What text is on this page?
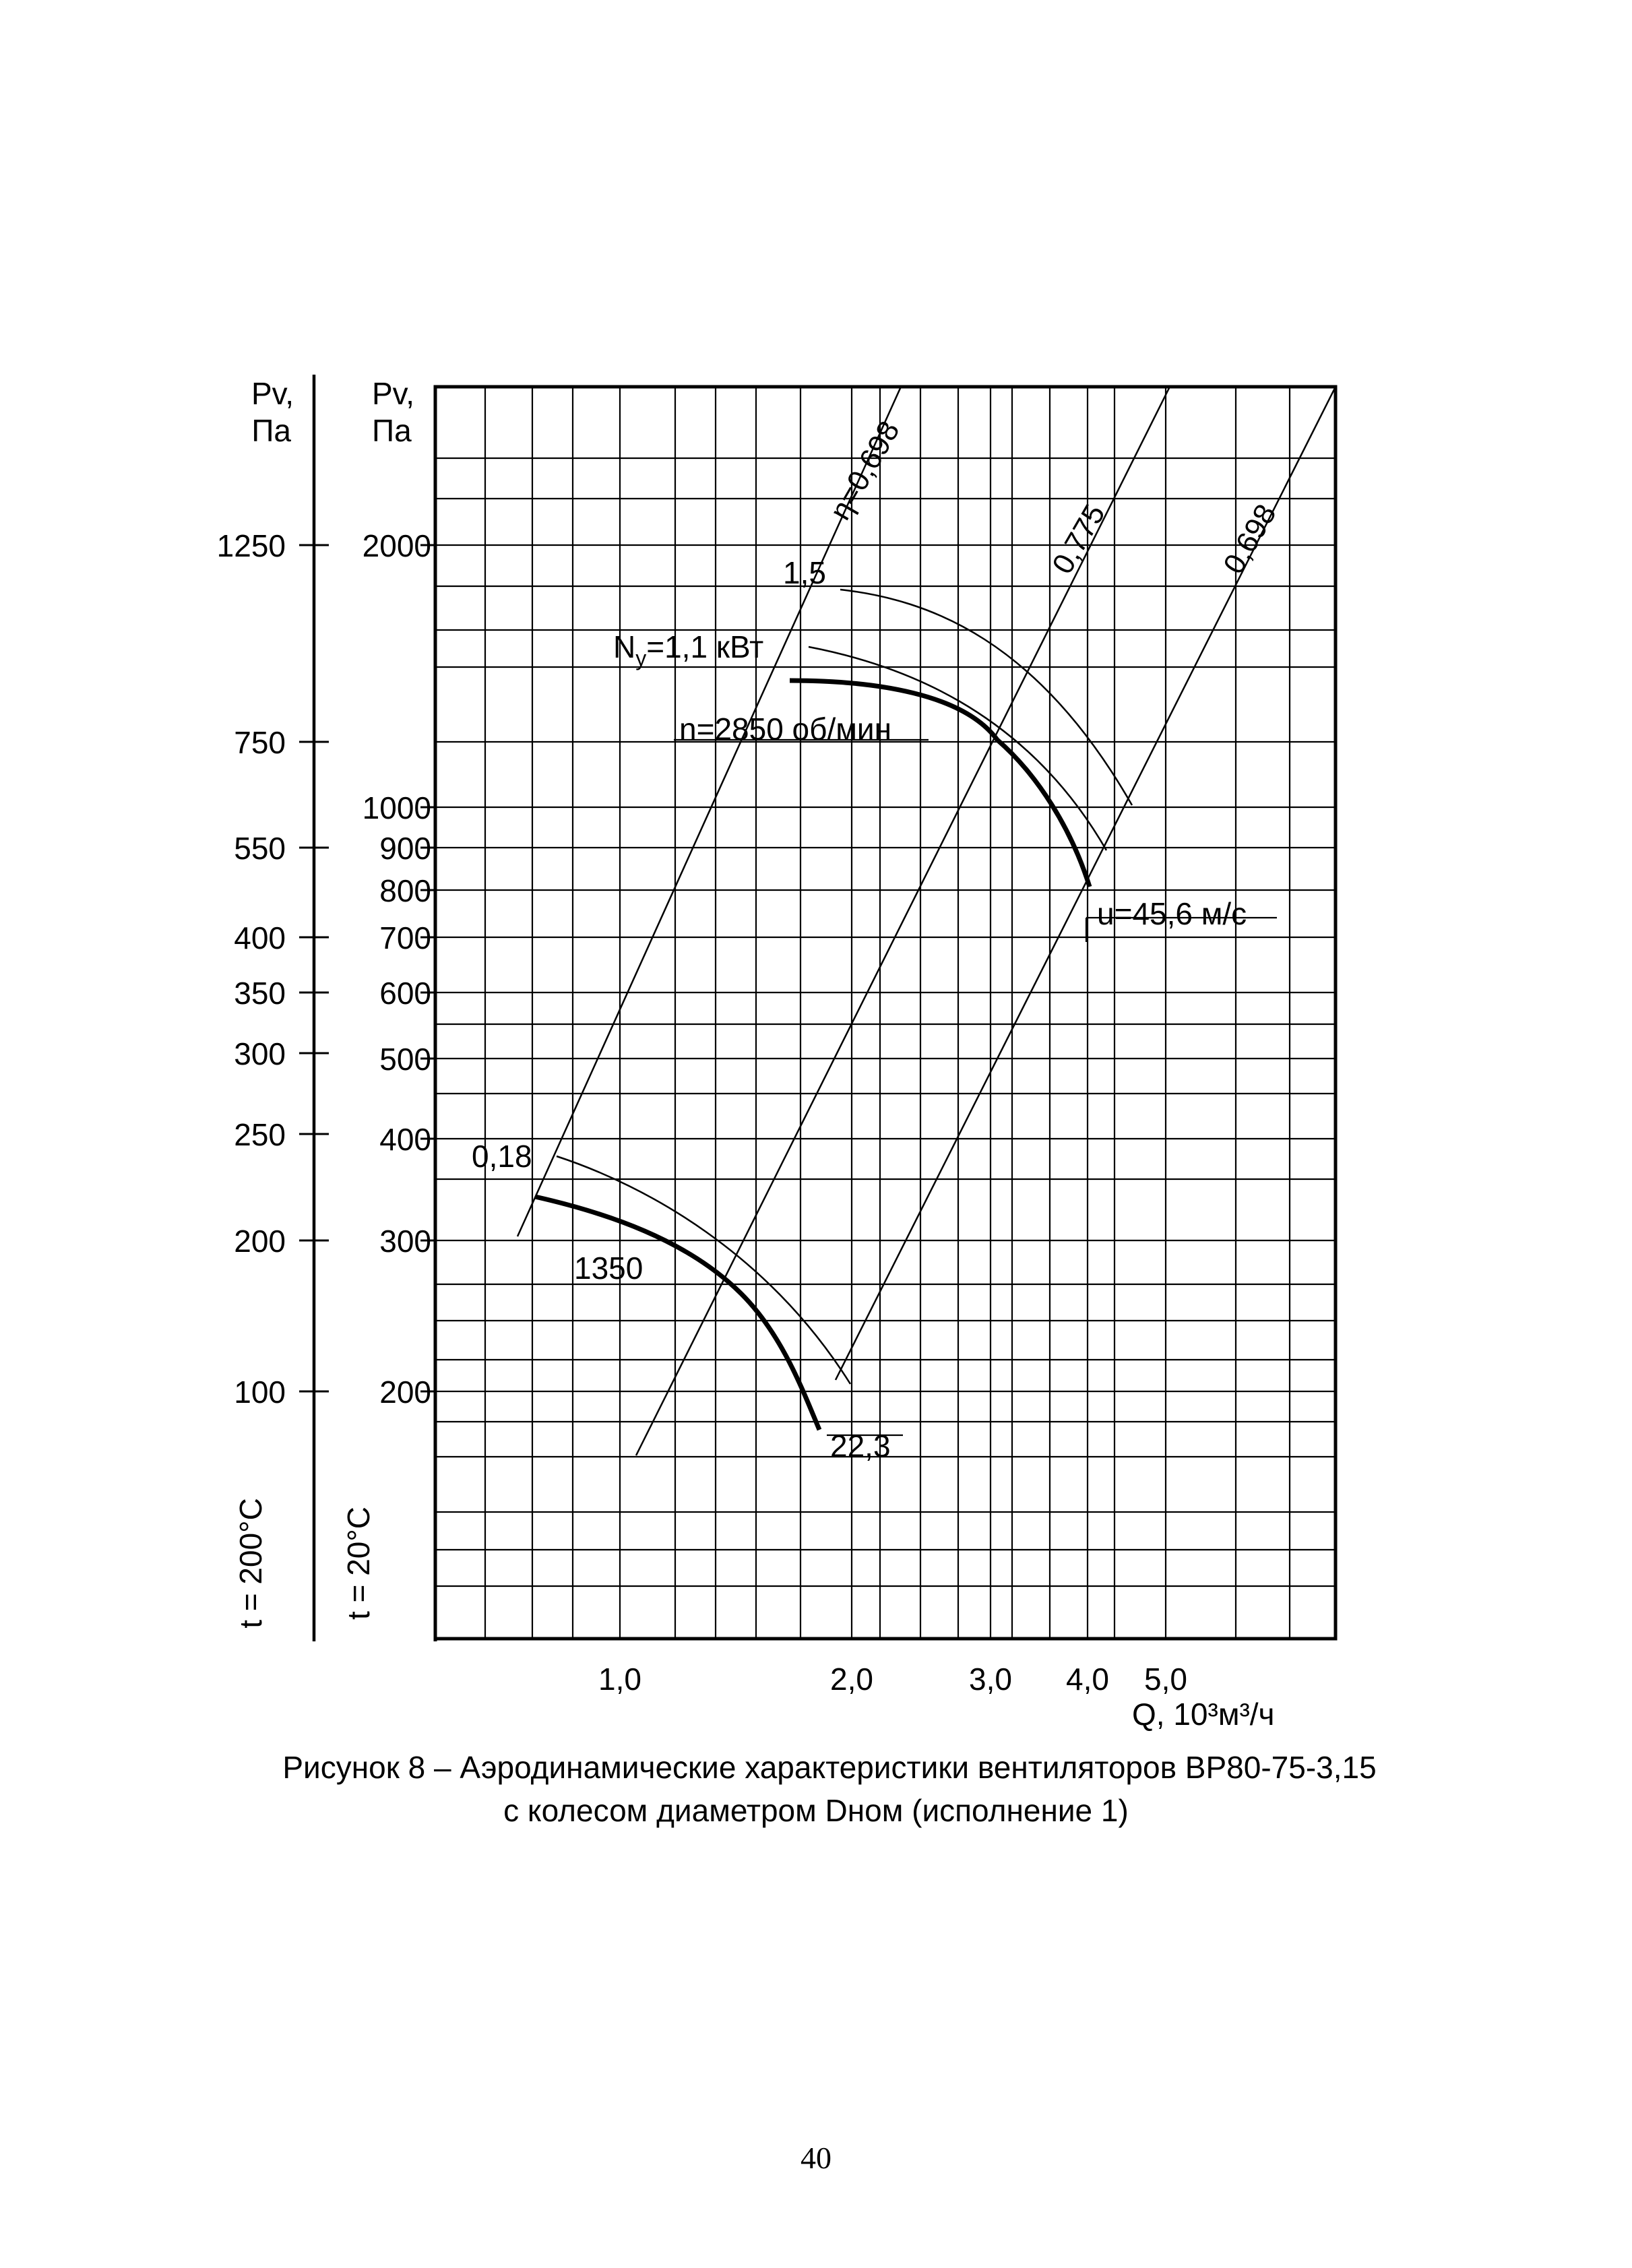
Pv,
Па
Pv,
Па
1250
750
550
400
350
300
250
200
100
2000
1000
900
800
700
600
500
400
300
200
t = 200°C t = 20°C
1,0	2,0	3,0 4,0 5,0
Q, 10³м³/ч
1,5
$N_y=1,1$ кВт
n=2850 об/мин
u=45,6 м/с
0,18
1350
22,3
η=0,698
0,775	0,698
Рисунок 8 – Аэродинамические характеристики вентиляторов ВР80-75-3,15
с колесом диаметром Dном (исполнение 1)
40
